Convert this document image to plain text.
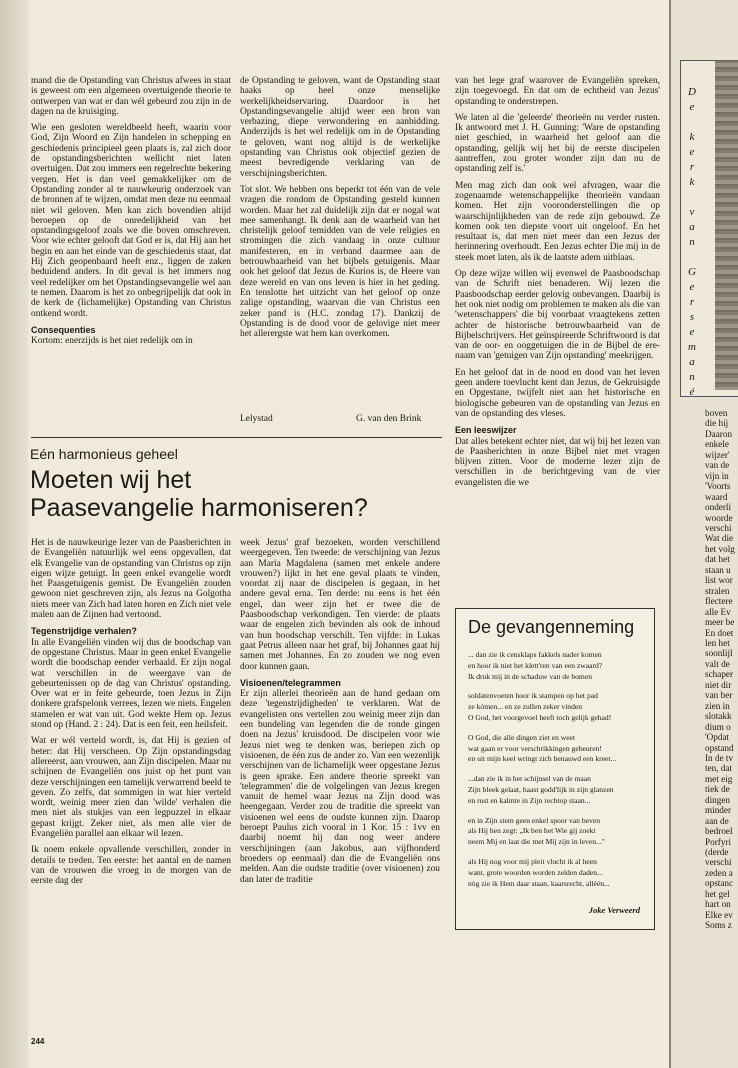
mand die de Opstanding van Christus afwees in staat is geweest om een algemeen overtuigende theorie te ontwerpen van wat er dan wél gebeurd zou zijn in de dagen na de kruisiging.

Wie een gesloten wereldbeeld heeft, waarin voor God, Zijn Woord en Zijn handelen in schepping en geschiedenis principieel geen plaats is, zal zich door de opstandingsberichten wellicht niet laten overtuigen. Dat zou immers een regelrechte bekering vergen. Het is dan veel gemakkelijker om de Opstanding zonder al te nauwkeurig onderzoek van de bronnen af te wijzen, omdat men deze nu eenmaal niet wil geloven. Men kan zich bovendien altijd beroepen op de onredelijkheid van het opstandingsgeloof zoals we die boven omschreven. Voor wie echter gelooft dat God er is, dat Hij aan het begin en aan het einde van de geschiedenis staat, dat Hij Zich geopenbaard heeft enz., liggen de zaken beduidend anders. In dit geval is het immers nog veel redelijker om het Opstandingsevangelie wel aan te nemen. Daarom is het zo onbegrijpelijk dat ook in de kerk de (lichamelijke) Opstanding van Christus ontkend wordt.

Consequenties

Kortom: enerzijds is het niet redelijk om in

de Opstanding te geloven, want de Opstanding staat haaks op heel onze menselijke werkelijkheidservaring. Daardoor is het Opstandingsevangelie altijd weer een bron van verbazing, diepe verwondering en aanbidding. Anderzijds is het wel redelijk om in de Opstanding te geloven, want nog altijd is de werkelijke opstanding van Christus ook objectief gezien de meest bevredigende verklaring van de verschijningsberichten.

Tot slot. We hebben ons beperkt tot één van de vele vragen die rondom de Opstanding gesteld kunnen worden. Maar het zal duidelijk zijn dat er nogal wat mee samenhangt. Ik denk aan de waarheid van het christelijk geloof temidden van de vele religies en stromingen die zich vandaag in onze cultuur manifesteren, en in verband daarmee aan de betrouwbaarheid van het bijbels getuigenis. Maar ook het geloof dat Jezus de Kurios is, de Heere van deze wereld en van ons leven is hier in het geding. En tenslotte het uitzicht van het geloof op onze zalige opstanding, waarvan die van Christus een zeker pand is (H.C. zondag 17). Dankzij de Opstanding is de dood voor de gelovige niet meer het allerergste wat hem kan overkomen.

Lelystad	G. van den Brink
Eén harmonieus geheel
Moeten wij het
Paasevangelie harmoniseren?

Het is de nauwkeurige lezer van de Paasberichten in de Evangeliën natuurlijk wel eens opgevallen, dat elk Evangelie van de opstanding van Christus op zijn eigen wijze getuigt. In geen enkel evangelie wordt het Paasgetuigenis gemist. De Evangeliën zouden gewoon niet geschreven zijn, als Jezus na Golgotha niets meer van Zich had laten horen en Zich niet vele malen aan de Zijnen had vertoond.

Tegenstrijdige verhalen?

In alle Evangeliën vinden wij dus de boodschap van de opgestane Christus. Maar in geen enkel Evangelie wordt die boodschap eender verhaald. Er zijn nogal wat verschillen in de weergave van de gebeurtenissen op de dag van Christus' opstanding. Over wat er in feite gebeurde, toen Jezus in Zijn donkere grafspelonk verrees, lezen we niets. Engelen stamelen er wat van uit. God wekte Hem op. Jezus stond op (Hand. 2 : 24). Dat is een feit, een heilsfeit.

Wat er wél verteld wordt, is, dat Hij is gezien of beter: dat Hij verscheen. Op Zijn opstandingsdag allereerst, aan vrouwen, aan Zijn discipelen. Maar nu schijnen de Evangeliën ons juist op het punt van deze verschijningen een tamelijk verwarrend beeld te geven. Zo zelfs, dat sommigen in wat hier verteld wordt, weinig meer zien dan 'wilde' verhalen die men niet als stukjes van een legpuzzel in elkaar gepast krijgt. Zeker niet, als men alle vier de Evangeliën parallel aan elkaar wil lezen.

Ik noem enkele opvallende verschillen, zonder in details te treden. Ten eerste: het aantal en de namen van de vrouwen die vroeg in de morgen van de eerste dag der

week Jezus' graf bezoeken, worden verschillend weergegeven. Ten tweede: de verschijning van Jezus aan Maria Magdalena (samen met enkele andere vrouwen?) lijkt in het ene geval plaats te vinden, voordat zij naar de discipelen is gegaan, in het andere geval erna. Ten derde: nu eens is het één engel, dan weer zijn het er twee die de Paasboodschap verkondigen. Ten vierde: de plaats waar de engelen zich bevinden als ook de inhoud van hun boodschap verschilt. Ten vijfde: in Lukas gaat Petrus alleen naar het graf, bij Johannes gaat hij samen met Johannes. En zo zouden we nog even door kunnen gaan.

Visioenen/telegrammen

Er zijn allerlei theorieën aan de hand gedaan om deze 'tegenstrijdigheden' te verklaren. Wat de evangelisten ons vertellen zou weinig meer zijn dan een bundeling van legenden die de ronde gingen doen na Jezus' kruisdood. De discipelen voor wie Jezus niet weg te denken was, beriepen zich op visioenen, de één zus de ander zo. Van een wezenlijk verschijnen van de lichamelijk weer opgestane Jezus is geen sprake. Een andere theorie spreekt van 'telegrammen' die de volgelingen van Jezus kregen vanuit de hemel waar Jezus na Zijn dood was heengegaan. Verder zou de traditie die spreekt van visioenen wel eens de oudste kunnen zijn. Daarop beroept Paulus zich vooral in 1 Kor. 15 : 1vv en daarbij noemt hij dan nog weer andere verschijningen (aan Jakobus, aan vijfhonderd broeders op eenmaal) dan die de Evangeliën ons melden. Aan die oudste traditie (over visioenen) zou dan later de traditie

van het lege graf waarover de Evangeliën spreken, zijn toegevoegd. En dat om de echtheid van Jezus' opstanding te onderstrepen.

We laten al die 'geleerde' theorieën nu verder rusten. Ik antwoord met J. H. Gunning: 'Ware de opstanding niet geschied, in waarheid het geloof aan die opstanding, gelijk wij het bij de eerste discipelen aantreffen, zou groter wonder zijn dan nu de opstanding zelf is.'

Men mag zich dan ook wel afvragen, waar die zogenaamde wetenschappelijke theorieën vandaan komen. Het zijn vooronderstellingen die op waarschijnlijkheden van de rede zijn gebouwd. Ze komen ook ten diepste voort uit ongeloof. En het resultaat is, dat men niet meer dan een Jezus der herinnering overhoudt. Een Jezus echter Die mij in de steek moet laten, als ik de laatste adem uitblaas.

Op deze wijze willen wij evenwel de Paasboodschap van de Schrift niet benaderen. Wij lezen die Paasboodschap eerder gelovig onbevangen. Daarbij is het ook niet nodig om problemen te maken als die van 'wetenschappers' die bij voorbaat vraagtekens zetten achter de historische betrouwbaarheid van de Bijbelschrijvers. Het geïnspireerde Schriftwoord is dat van de oor- en ooggetuigen die in de Bijbel de ere-naam van 'getuigen van Zijn opstanding' meekrijgen.

En het geloof dat in de nood en dood van het leven geen andere toevlucht kent dan Jezus, de Gekruisigde en Opgestane, twijfelt niet aan het historische en biologische gebeuren van de opstanding van Jezus en van de opstanding des vleses.

Een leeswijzer

Dat alles betekent echter niet, dat wij bij het lezen van de Paasberichten in onze Bijbel niet met vragen blijven zitten. Voor de moderne lezer zijn de verschillen in de berichtgeving van de vier evangelisten die we

De gevangenneming
... dan zie ik censklaps fakkels nader komen
en hoor ik niet het klett'ren van een zwaard?
Ik druk mij in de schaduw van de bomen
soldatenvoeten hoor ik stampen op het pad
ze kómen... en ze zullen zeker vinden
O God, het voorgevoel heeft toch gelijk gehad!
O God, die alle dingen ziet en weet
wat gaan er voor verschrikkingen gebeuren!
en uit mijn keel wringt zich benauwd een kreet...
...dan zie ik in het schijnsel van de maan
Zijn bleek gelaat, haast godd'lijk in zijn glanzen
en rust en kalmte in Zijn rechtop staan...
en in Zijn stem geen enkel spoor van beven
als Hij hen zegt: „Ik ben het Wie gij zoekt
neem Mij en laat die met Mij zijn in leven..."
als Hij nog voor mij pleit vlucht ik al heen
want, grote woorden worden zelden daden...
nòg zie ik Hem daar staan, kaarsrecht, alléén...
Joke Verweerd
244
D
e
k
e
r
k
v
a
n
G
e
r
s
e
m
a
n
é
boven
die hij
Daaron
enkele
wijzer'
van de
vijn in
'Voorts
waard
onderli
woorde
verschi
Wat die
het volg
dat het
staan u
list wor
stralen
flectere
alle Ev
meer be
En doet
len het
soonlijl
valt de
schaper
niet dir
van ber
zien in
slotakk
dium o
'Opdat
opstand
In de tv
ten, dat
met eig
tiek de
dingen
minder
aan de
bedroel
Porfyri
(derde
verschi
zeden a
opstanc
het gel
hart on
Elke ev
Soms z
